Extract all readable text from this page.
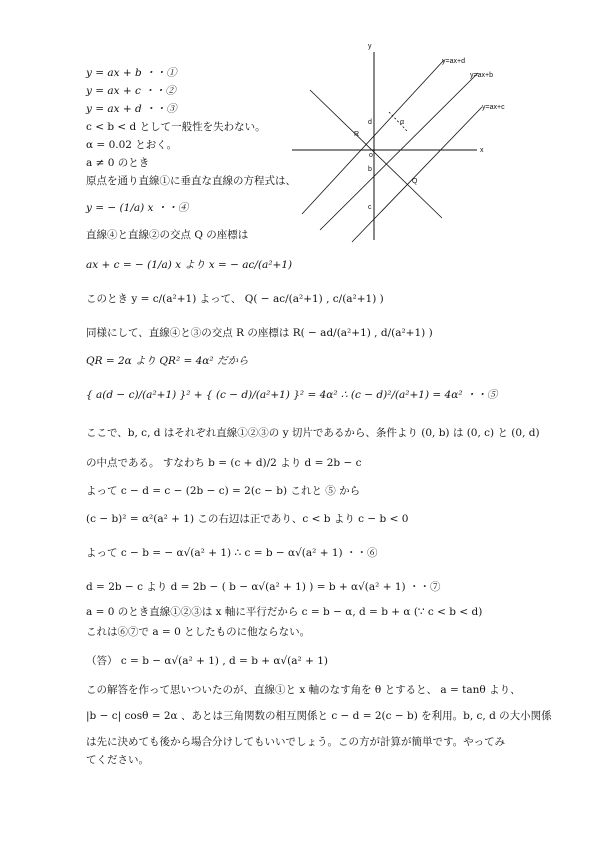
y
x
y=ax+d
y=ax+b
y=ax+c
d
b
c
o
R
Q
α
y = ax + b ・・①
y = ax + c ・・②
y = ax + d ・・③
c < b < d として一般性を失わない。
α = 0.02 とおく。
a ≠ 0 のとき
原点を通り直線①に垂直な直線の方程式は、
y = − (1/a) x ・・④
直線④と直線②の交点 Q の座標は
ax + c = − (1/a) x より x = − ac/(a²+1)
このとき y = c/(a²+1) よって、 Q( − ac/(a²+1) , c/(a²+1) )
同様にして、直線④と③の交点 R の座標は R( − ad/(a²+1) , d/(a²+1) )
QR = 2α より QR² = 4α² だから
{ a(d − c)/(a²+1) }² + { (c − d)/(a²+1) }² = 4α² ∴ (c − d)²/(a²+1) = 4α² ・・⑤
ここで、b, c, d はそれぞれ直線①②③の y 切片であるから、条件より (0, b) は (0, c) と (0, d)
の中点である。 すなわち b = (c + d)/2 より d = 2b − c
よって c − d = c − (2b − c) = 2(c − b) これと ⑤ から
(c − b)² = α²(a² + 1) この右辺は正であり、c < b より c − b < 0
よって c − b = − α√(a² + 1) ∴ c = b − α√(a² + 1) ・・⑥
d = 2b − c より d = 2b − ( b − α√(a² + 1) ) = b + α√(a² + 1) ・・⑦
a = 0 のとき直線①②③は x 軸に平行だから c = b − α, d = b + α (∵ c < b < d)
これは⑥⑦で a = 0 としたものに他ならない。
（答） c = b − α√(a² + 1) , d = b + α√(a² + 1)
この解答を作って思いついたのが、直線①と x 軸のなす角を θ とすると、 a = tanθ より、
|b − c| cosθ = 2α 、あとは三角関数の相互関係と c − d = 2(c − b) を利用。b, c, d の大小関係
は先に決めても後から場合分けしてもいいでしょう。この方が計算が簡単です。やってみ
てください。
